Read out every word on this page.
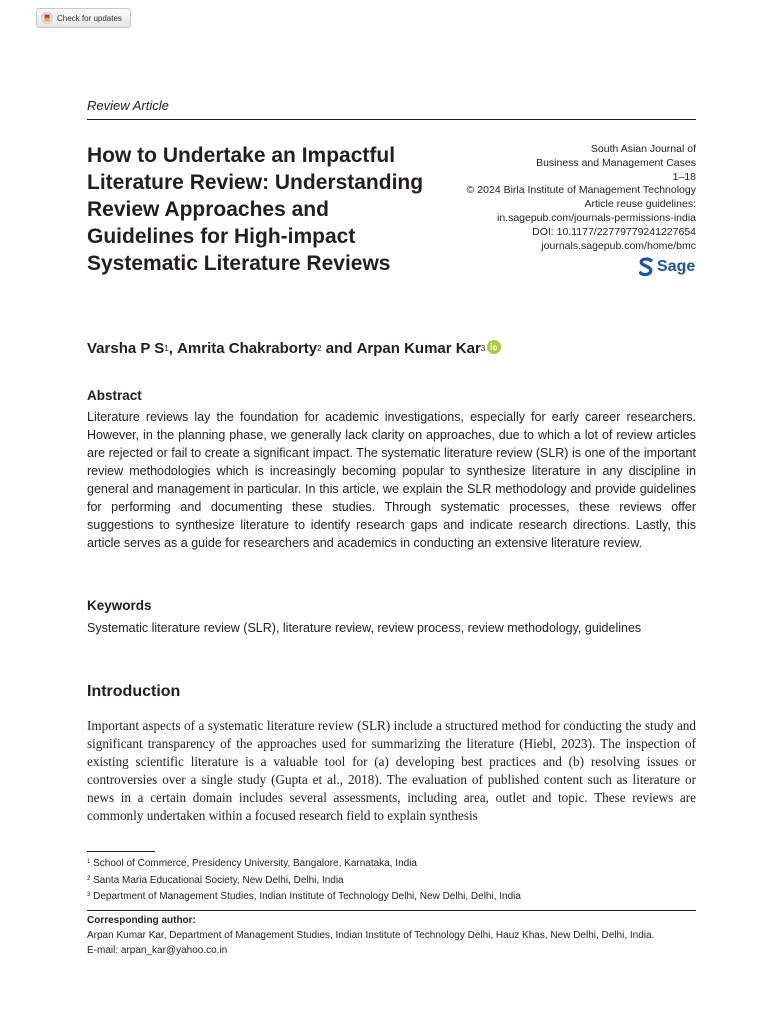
Check for updates
Review Article
How to Undertake an Impactful Literature Review: Understanding Review Approaches and Guidelines for High-impact Systematic Literature Reviews
South Asian Journal of
Business and Management Cases
1–18
© 2024 Birla Institute of Management Technology
Article reuse guidelines:
in.sagepub.com/journals-permissions-india
DOI: 10.1177/22779779241227654
journals.sagepub.com/home/bmc
Sage
Varsha P S 1 , Amrita Chakraborty 2 and Arpan Kumar Kar 3
Abstract

Literature reviews lay the foundation for academic investigations, especially for early career researchers. However, in the planning phase, we generally lack clarity on approaches, due to which a lot of review articles are rejected or fail to create a significant impact. The systematic literature review (SLR) is one of the important review methodologies which is increasingly becoming popular to synthesize literature in any discipline in general and management in particular. In this article, we explain the SLR methodology and provide guidelines for performing and documenting these studies. Through systematic processes, these reviews offer suggestions to synthesize literature to identify research gaps and indicate research directions. Lastly, this article serves as a guide for researchers and academics in conducting an extensive literature review.

Keywords

Systematic literature review (SLR), literature review, review process, review methodology, guidelines

Introduction

Important aspects of a systematic literature review (SLR) include a structured method for conducting the study and significant transparency of the approaches used for summarizing the literature (Hiebl, 2023). The inspection of existing scientific literature is a valuable tool for (a) developing best practices and (b) resolving issues or controversies over a single study (Gupta et al., 2018). The evaluation of published content such as literature or news in a certain domain includes several assessments, including area, outlet and topic. These reviews are commonly undertaken within a focused research field to explain synthesis

$^1$ School of Commerce, Presidency University, Bangalore, Karnataka, India
$^2$ Santa Maria Educational Society, New Delhi, Delhi, India
$^3$ Department of Management Studies, Indian Institute of Technology Delhi, New Delhi, Delhi, India
Corresponding author:
Arpan Kumar Kar, Department of Management Studies, Indian Institute of Technology Delhi, Hauz Khas, New Delhi, Delhi, India.
E-mail: arpan_kar@yahoo.co.in
